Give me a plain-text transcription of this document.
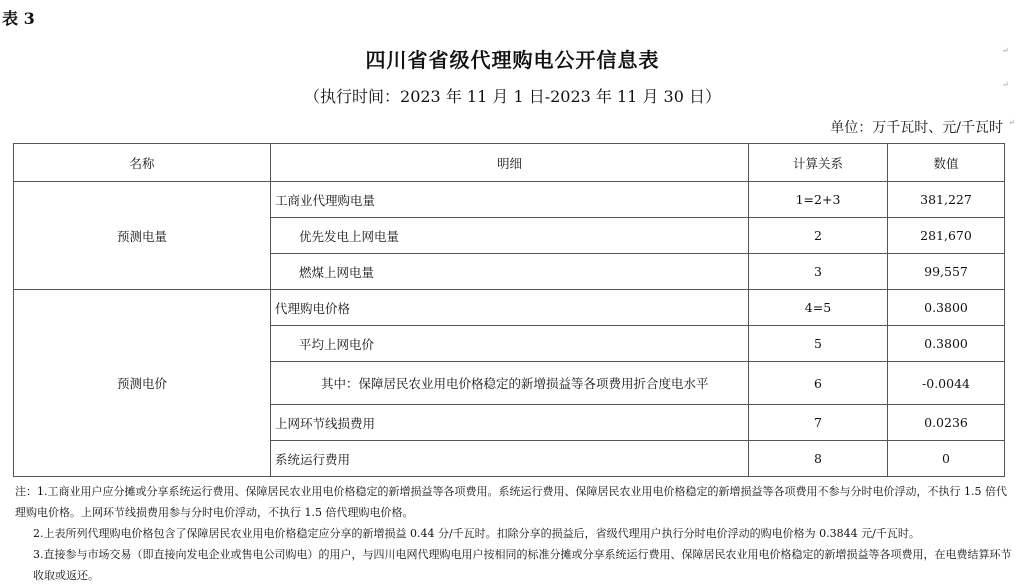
表 3
四川省省级代理购电公开信息表
（执行时间：2023 年 11 月 1 日-2023 年 11 月 30 日）
单位：万千瓦时、元/千瓦时
↵
↵
↵
名称	明细	计算关系	数值
预测电量	工商业代理购电量	1=2+3	381,227
	优先发电上网电量	2	281,670
	燃煤上网电量	3	99,557
预测电价	代理购电价格	4=5	0.3800
	平均上网电价	5	0.3800
	其中：保障居民农业用电价格稳定的新增损益等各项费用折合度电水平	6	-0.0044
	上网环节线损费用	7	0.0236
	系统运行费用	8	0

注：1.工商业用户应分摊或分享系统运行费用、保障居民农业用电价格稳定的新增损益等各项费用。系统运行费用、保障居民农业用电价格稳定的新增损益等各项费用不参与分时电价浮动，不执行 1.5 倍代理购电价格。上网环节线损费用参与分时电价浮动，不执行 1.5 倍代理购电价格。

2.上表所列代理购电价格包含了保障居民农业用电价格稳定应分享的新增损益 0.44 分/千瓦时。扣除分享的损益后，省级代理用户执行分时电价浮动的购电价格为 0.3844 元/千瓦时。

3.直接参与市场交易（即直接向发电企业或售电公司购电）的用户，与四川电网代理购电用户按相同的标准分摊或分享系统运行费用、保障居民农业用电价格稳定的新增损益等各项费用，在电费结算环节收取或返还。
